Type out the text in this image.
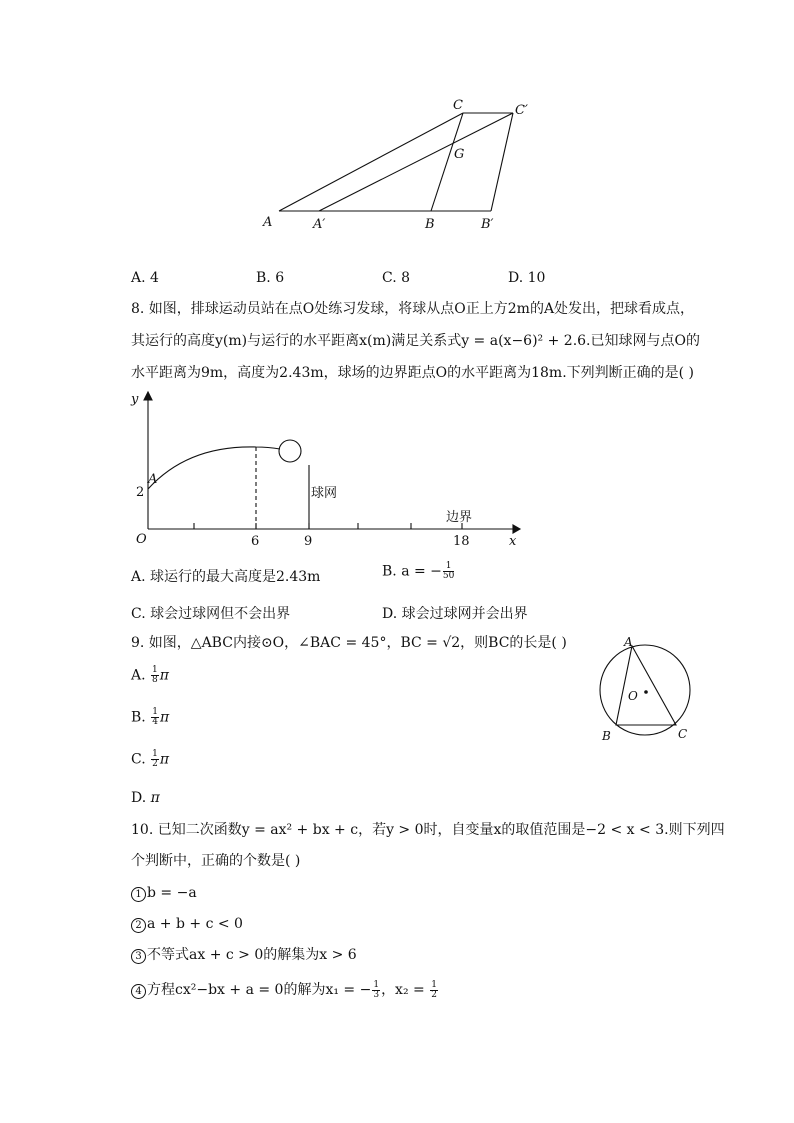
A	A′	B	B′
C	C′
G
A. 4	B. 6	C. 8	D. 10
8. 如图，排球运动员站在点O处练习发球，将球从点O正上方2m的A处发出，把球看成点，
其运行的高度y(m)与运行的水平距离x(m)满足关系式y = a(x−6)² + 2.6.已知球网与点O的
水平距离为9m，高度为2.43m，球场的边界距点O的水平距离为18m.下列判断正确的是( )
y
x
O
A
2
6	9	18
球网
边界
A. 球运行的最大高度是2.43m	B. a = − $\frac{1}{50}$
C. 球会过球网但不会出界	D. 球会过球网并会出界
9. 如图，△ABC内接⊙O，∠BAC = 45°，BC = √2，则BC的长是( )
A. $\frac{1}{8}$ π
B. $\frac{1}{4}$ π
C. $\frac{1}{2}$ π
D. π
A
B	C
O
10. 已知二次函数y = ax² + bx + c，若y > 0时，自变量x的取值范围是−2 < x < 3.则下列四
个判断中，正确的个数是( )
1 b = −a
2 a + b + c < 0
3 不等式ax + c > 0的解集为x > 6
4 方程cx²−bx + a = 0的解为x₁ = − $\frac{1}{3}$ ，$x_2 = \frac{1}{2}$
